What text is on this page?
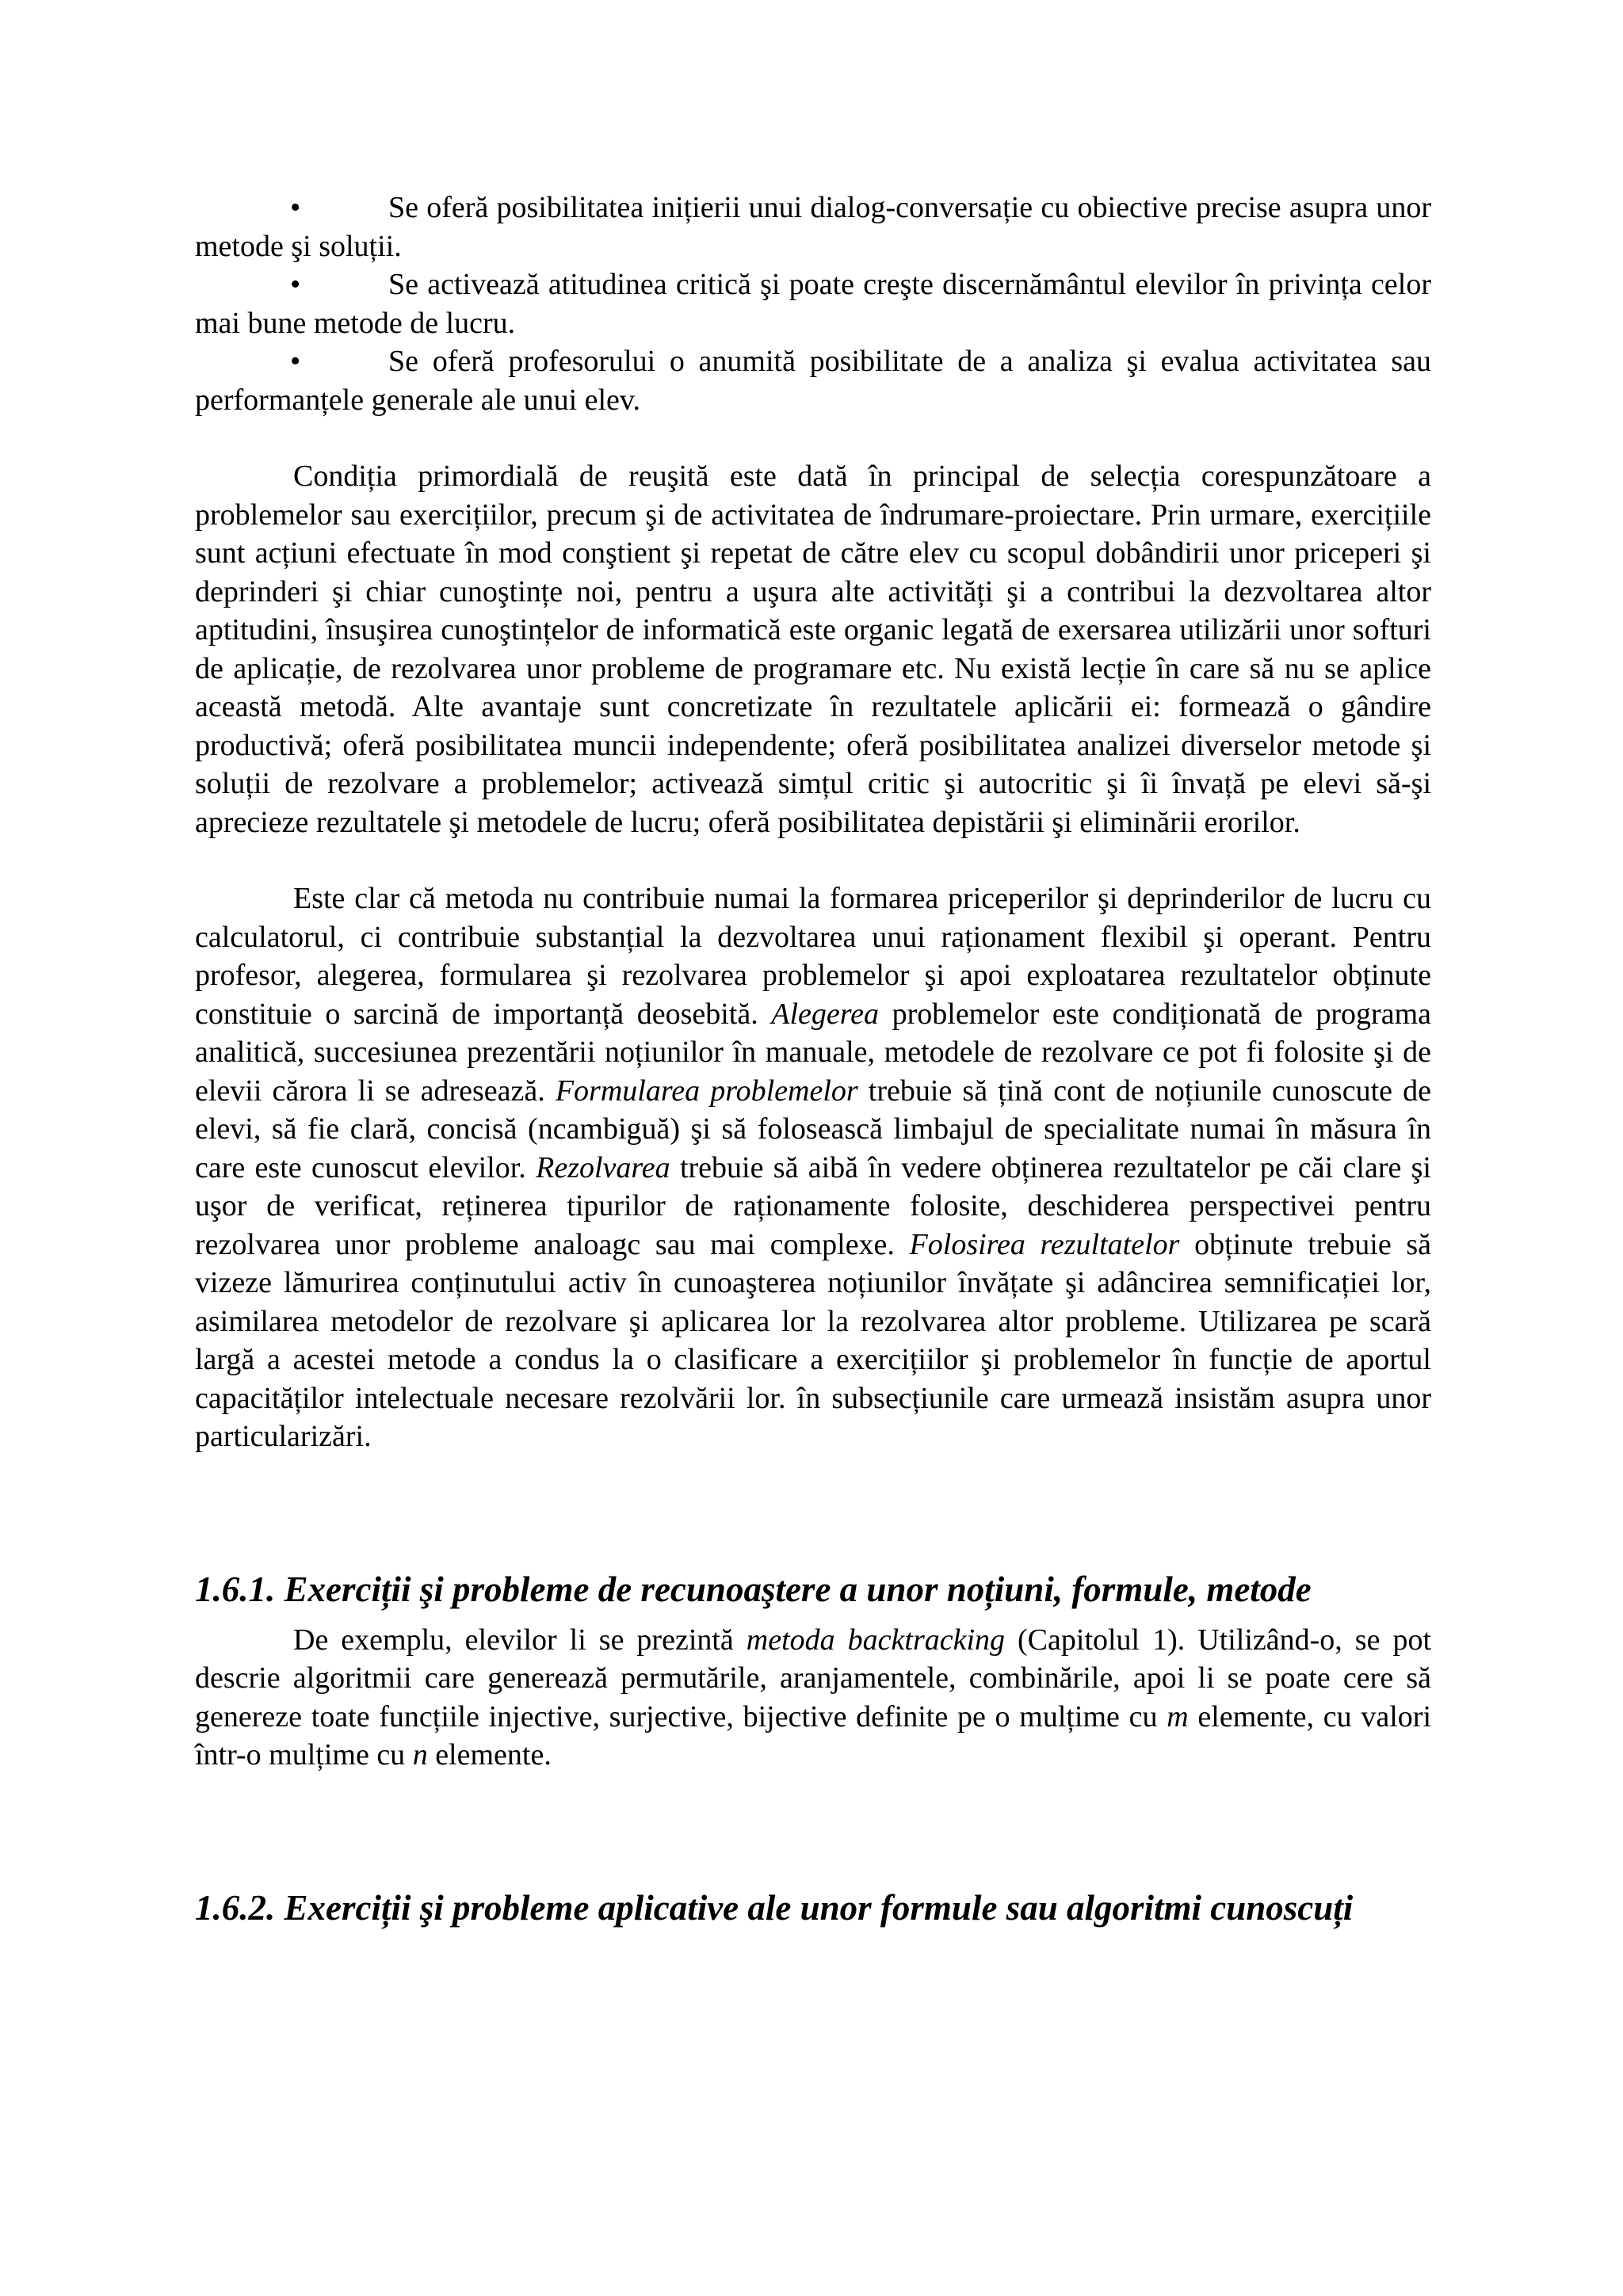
•	Se oferă posibilitatea inițierii unui dialog-conversație cu obiective precise asupra unor metode şi soluții.

•	Se activează atitudinea critică şi poate creşte discernământul elevilor în privința celor mai bune metode de lucru.

•	Se oferă profesorului o anumită posibilitate de a analiza şi evalua activitatea sau performanțele generale ale unui elev.

Condiția primordială de reuşită este dată în principal de selecția corespunzătoare a problemelor sau exercițiilor, precum şi de activitatea de îndrumare-proiectare. Prin urmare, exercițiile sunt acțiuni efectuate în mod conştient şi repetat de către elev cu scopul dobândirii unor priceperi şi deprinderi şi chiar cunoştințe noi, pentru a uşura alte activități şi a contribui la dezvoltarea altor aptitudini, însuşirea cunoştințelor de informatică este organic legată de exersarea utilizării unor softuri de aplicație, de rezolvarea unor probleme de programare etc. Nu există lecție în care să nu se aplice această metodă. Alte avantaje sunt concretizate în rezultatele aplicării ei: formează o gândire productivă; oferă posibilitatea muncii independente; oferă posibilitatea analizei diverselor metode şi soluții de rezolvare a problemelor; activează simțul critic şi autocritic şi îi învață pe elevi să-şi aprecieze rezultatele şi metodele de lucru; oferă posibilitatea depistării şi eliminării erorilor.

Este clar că metoda nu contribuie numai la formarea priceperilor şi deprinderilor de lucru cu calculatorul, ci contribuie substanțial la dezvoltarea unui raționament flexibil şi operant. Pentru profesor, alegerea, formularea şi rezolvarea problemelor şi apoi exploatarea rezultatelor obținute constituie o sarcină de importanță deosebită. Alegerea problemelor este condiționată de programa analitică, succesiunea prezentării noțiunilor în manuale, metodele de rezolvare ce pot fi folosite şi de elevii cărora li se adresează. Formularea problemelor trebuie să țină cont de noțiunile cunoscute de elevi, să fie clară, concisă (ncambiguă) şi să folosească limbajul de specialitate numai în măsura în care este cunoscut elevilor. Rezolvarea trebuie să aibă în vedere obținerea rezultatelor pe căi clare şi uşor de verificat, reținerea tipurilor de raționamente folosite, deschiderea perspectivei pentru rezolvarea unor probleme analoagc sau mai complexe. Folosirea rezultatelor obținute trebuie să vizeze lămurirea conținutului activ în cunoaşterea noțiunilor învățate şi adâncirea semnificației lor, asimilarea metodelor de rezolvare şi aplicarea lor la rezolvarea altor probleme. Utilizarea pe scară largă a acestei metode a condus la o clasificare a exercițiilor şi problemelor în funcție de aportul capacităților intelectuale necesare rezolvării lor. în subsecțiunile care urmează insistăm asupra unor particularizări.

1.6.1. Exerciții şi probleme de recunoaştere a unor noțiuni, formule, metode

De exemplu, elevilor li se prezintă metoda backtracking (Capitolul 1). Utilizând-o, se pot descrie algoritmii care generează permutările, aranjamentele, combinările, apoi li se poate cere să genereze toate funcțiile injective, surjective, bijective definite pe o mulțime cu m elemente, cu valori într-o mulțime cu n elemente.

1.6.2. Exerciții şi probleme aplicative ale unor formule sau algoritmi cunoscuți
